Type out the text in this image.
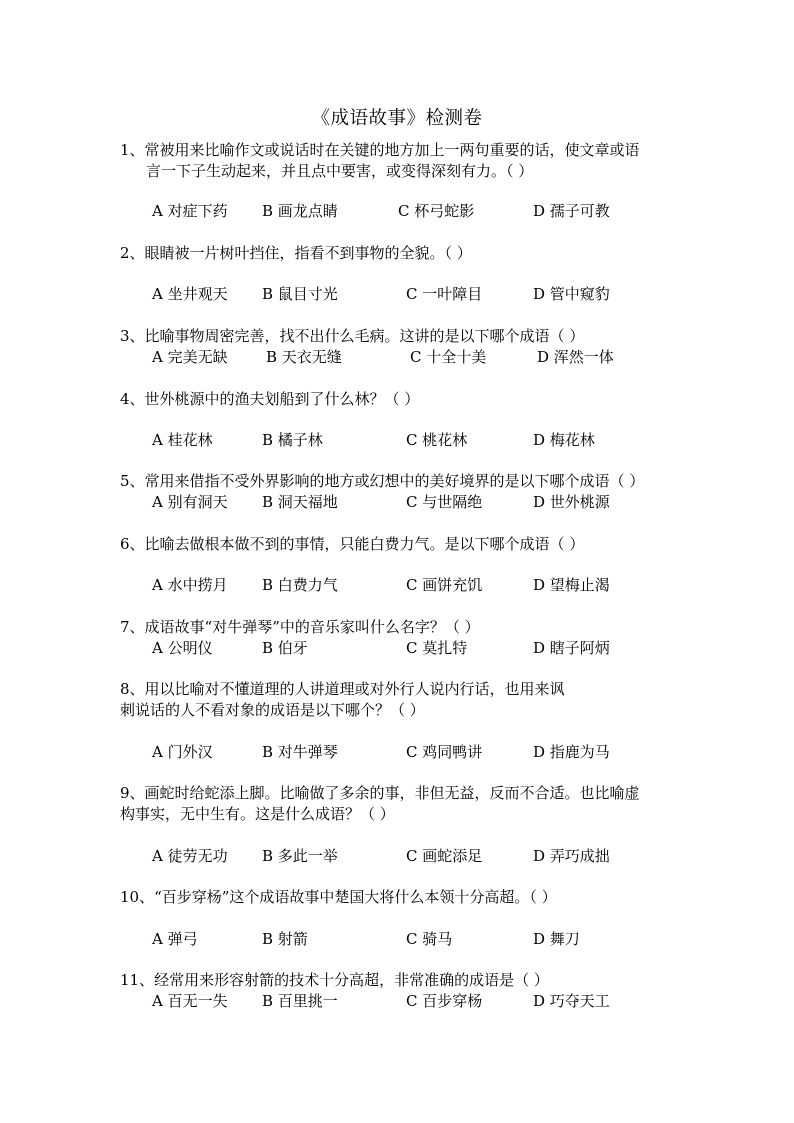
《成语故事》检测卷
1、常被用来比喻作文或说话时在关键的地方加上一两句重要的话，使文章或语
言一下子生动起来，并且点中要害，或变得深刻有力。（ ）
A 对症下药 B 画龙点睛	C 杯弓蛇影	D 孺子可教
2、眼睛被一片树叶挡住，指看不到事物的全貌。（ ）
A 坐井观天 B 鼠目寸光	C 一叶障目	D 管中窥豹
3、比喻事物周密完善，找不出什么毛病。这讲的是以下哪个成语（ ）
A 完美无缺	B 天衣无缝	C 十全十美	D 浑然一体
4、世外桃源中的渔夫划船到了什么林？（ ）
A 桂花林	B 橘子林	C 桃花林	D 梅花林
5、常用来借指不受外界影响的地方或幻想中的美好境界的是以下哪个成语（ ）
A 别有洞天 B 洞天福地	C 与世隔绝	D 世外桃源
6、比喻去做根本做不到的事情，只能白费力气。是以下哪个成语（ ）
A 水中捞月 B 白费力气	C 画饼充饥	D 望梅止渴
7、成语故事“对牛弹琴”中的音乐家叫什么名字？（ ）
A 公明仪	B 伯牙	C 莫扎特	D 瞎子阿炳
8、用以比喻对不懂道理的人讲道理或对外行人说内行话，也用来讽
刺说话的人不看对象的成语是以下哪个？（ ）
A 门外汉	B 对牛弹琴	C 鸡同鸭讲	D 指鹿为马
9、画蛇时给蛇添上脚。比喻做了多余的事，非但无益，反而不合适。也比喻虚
构事实，无中生有。这是什么成语？（ ）
A 徒劳无功 B 多此一举	C 画蛇添足	D 弄巧成拙
10、“百步穿杨”这个成语故事中楚国大将什么本领十分高超。（ ）
A 弹弓	B 射箭	C 骑马	D 舞刀
11、经常用来形容射箭的技术十分高超，非常准确的成语是（ ）
A 百无一失 B 百里挑一	C 百步穿杨	D 巧夺天工
